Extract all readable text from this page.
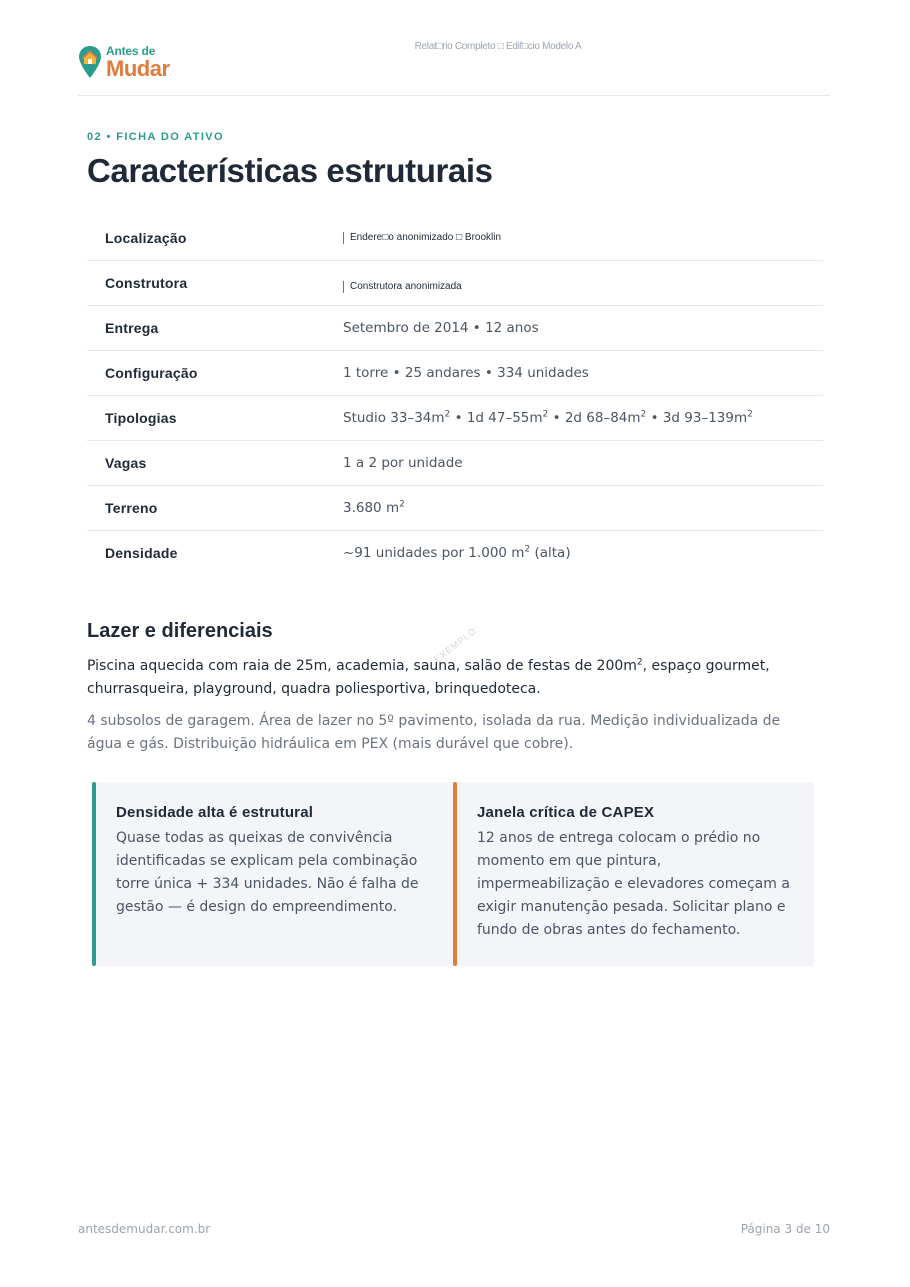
Antes de
Mudar
Relat□rio Completo □ Edif□cio Modelo A
02 • FICHA DO ATIVO
Características estruturais
Localização	Endere□o anonimizado □ Brooklin
Construtora	Construtora anonimizada
Entrega	Setembro de 2014 • 12 anos
Configuração	1 torre • 25 andares • 334 unidades
Tipologias	Studio $33-34m^2$ • 1d $47-55m^2$ • 2d $68-84m^2$ • 3d $93-139m^2$
Vagas	1 a 2 por unidade
Terreno	3.680 $m^2$
Densidade	~91 unidades por 1.000 $m^2$ (alta)
Lazer e diferenciais	EXEMPLO

Piscina aquecida com raia de 25m, academia, sauna, salão de festas de $200m^2$, espaço gourmet, churrasqueira, playground, quadra poliesportiva, brinquedoteca.

4 subsolos de garagem. Área de lazer no 5º pavimento, isolada da rua. Medição individualizada de água e gás. Distribuição hidráulica em PEX (mais durável que cobre).

Densidade alta é estrutural

Quase todas as queixas de convivência identificadas se explicam pela combinação torre única + 334 unidades. Não é falha de gestão — é design do empreendimento.

Janela crítica de CAPEX

12 anos de entrega colocam o prédio no momento em que pintura, impermeabilização e elevadores começam a exigir manutenção pesada. Solicitar plano e fundo de obras antes do fechamento.

antesdemudar.com.br	Página 3 de 10
